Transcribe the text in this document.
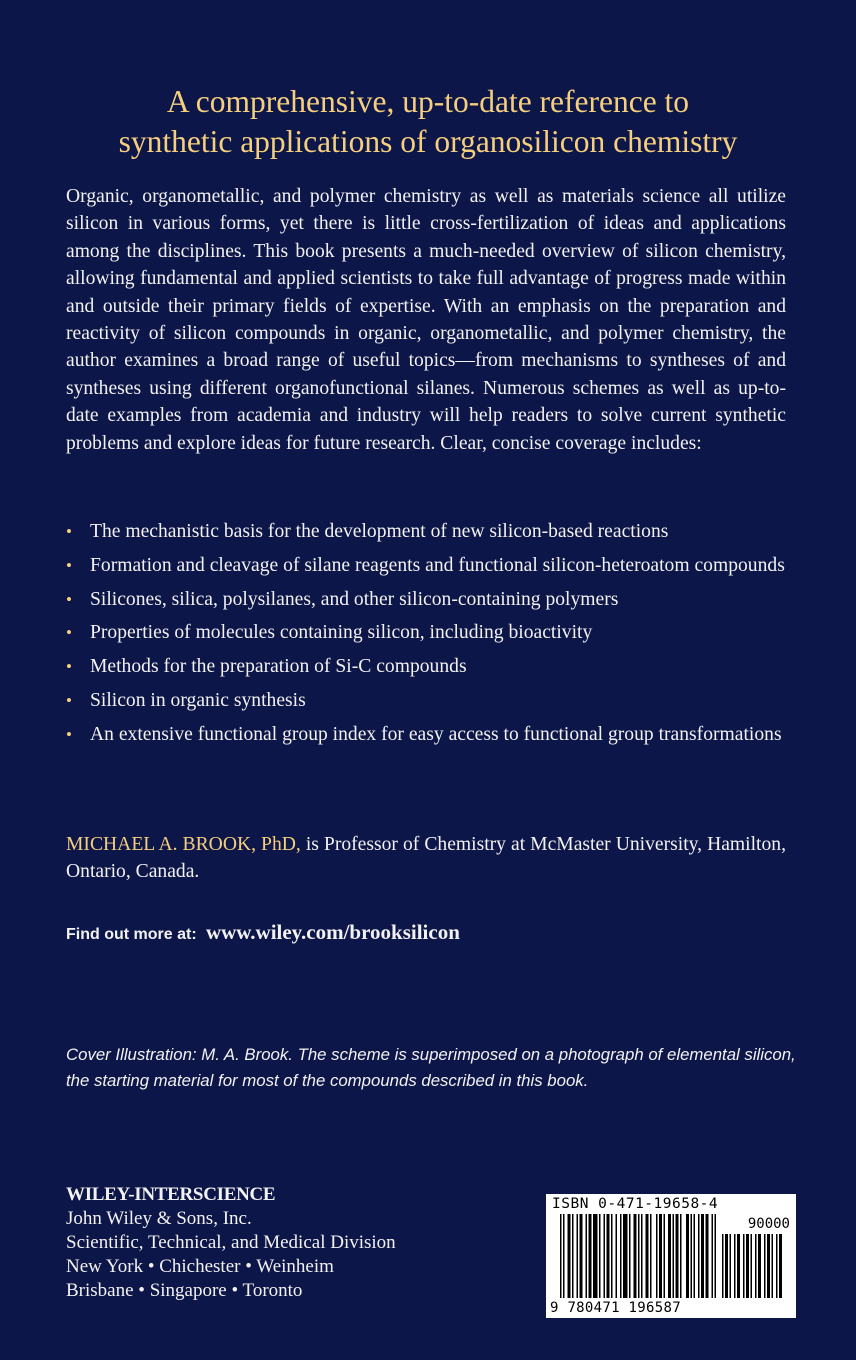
A comprehensive, up-to-date reference to
synthetic applications of organosilicon chemistry

Organic, organometallic, and polymer chemistry as well as materials science all utilize silicon in various forms, yet there is little cross-fertilization of ideas and applications among the disciplines. This book presents a much-needed overview of silicon chemistry, allowing fundamental and applied scientists to take full advantage of progress made within and outside their primary fields of expertise. With an emphasis on the preparation and reactivity of silicon compounds in organic, organometallic, and polymer chemistry, the author examines a broad range of useful topics—from mechanisms to syntheses of and syntheses using different organofunctional silanes. Numerous schemes as well as up-to-date examples from academia and industry will help readers to solve current synthetic problems and explore ideas for future research. Clear, concise coverage includes:

• The mechanistic basis for the development of new silicon-based reactions
• Formation and cleavage of silane reagents and functional silicon-heteroatom compounds
• Silicones, silica, polysilanes, and other silicon-containing polymers
• Properties of molecules containing silicon, including bioactivity
• Methods for the preparation of Si-C compounds
• Silicon in organic synthesis
• An extensive functional group index for easy access to functional group transformations

MICHAEL A. BROOK, PhD, is Professor of Chemistry at McMaster University, Hamilton, Ontario, Canada.

Find out more at: www.wiley.com/brooksilicon

Cover Illustration: M. A. Brook. The scheme is superimposed on a photograph of elemental silicon, the starting material for most of the compounds described in this book.

WILEY-INTERSCIENCE
John Wiley & Sons, Inc.
Scientific, Technical, and Medical Division
New York • Chichester • Weinheim
Brisbane • Singapore • Toronto
ISBN 0-471-19658-4
90000
9 780471 196587
